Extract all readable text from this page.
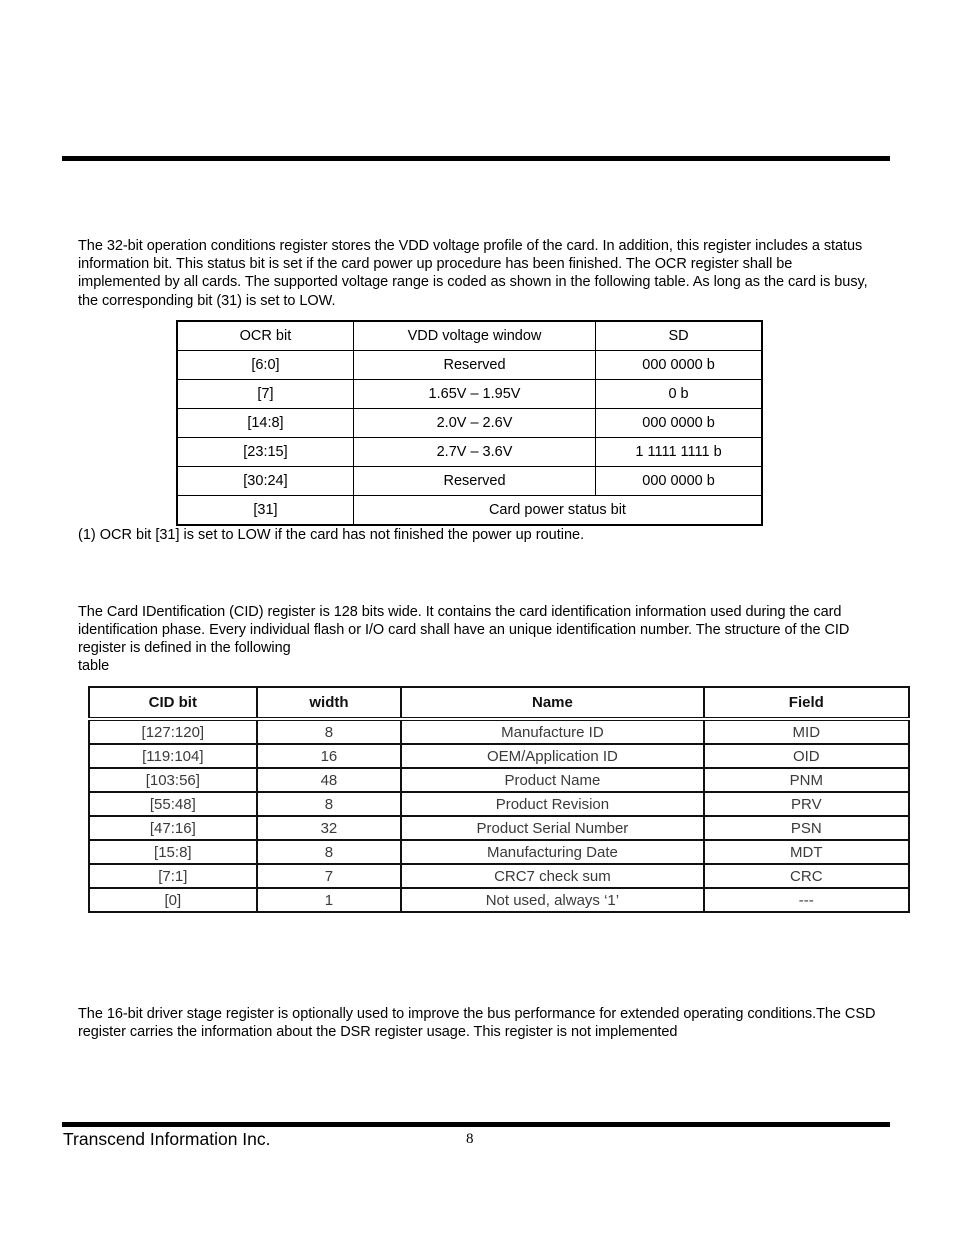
The 32-bit operation conditions register stores the VDD voltage profile of the card. In addition, this register includes a status information bit. This status bit is set if the card power up procedure has been finished. The OCR register shall be implemented by all cards. The supported voltage range is coded as shown in the following table. As long as the card is busy, the corresponding bit (31) is set to LOW.

OCR bit	VDD voltage window	SD
[6:0]	Reserved	000 0000 b
[7]	1.65V – 1.95V	0 b
[14:8]	2.0V – 2.6V	000 0000 b
[23:15]	2.7V – 3.6V	1 1111 1111 b
[30:24]	Reserved	000 0000 b
[31]	Card power status bit	

(1) OCR bit [31] is set to LOW if the card has not finished the power up routine.

The Card IDentification (CID) register is 128 bits wide. It contains the card identification information used during the card identification phase. Every individual flash or I/O card shall have an unique identification number. The structure of the CID register is defined in the following

table

CID bit	width	Name	Field
[127:120]	8	Manufacture ID	MID
[119:104]	16	OEM/Application ID	OID
[103:56]	48	Product Name	PNM
[55:48]	8	Product Revision	PRV
[47:16]	32	Product Serial Number	PSN
[15:8]	8	Manufacturing Date	MDT
[7:1]	7	CRC7 check sum	CRC
[0]	1	Not used, always ‘1’	---

The 16-bit driver stage register is optionally used to improve the bus performance for extended operating conditions.The CSD register carries the information about the DSR register usage. This register is not implemented

Transcend Information Inc.	8
